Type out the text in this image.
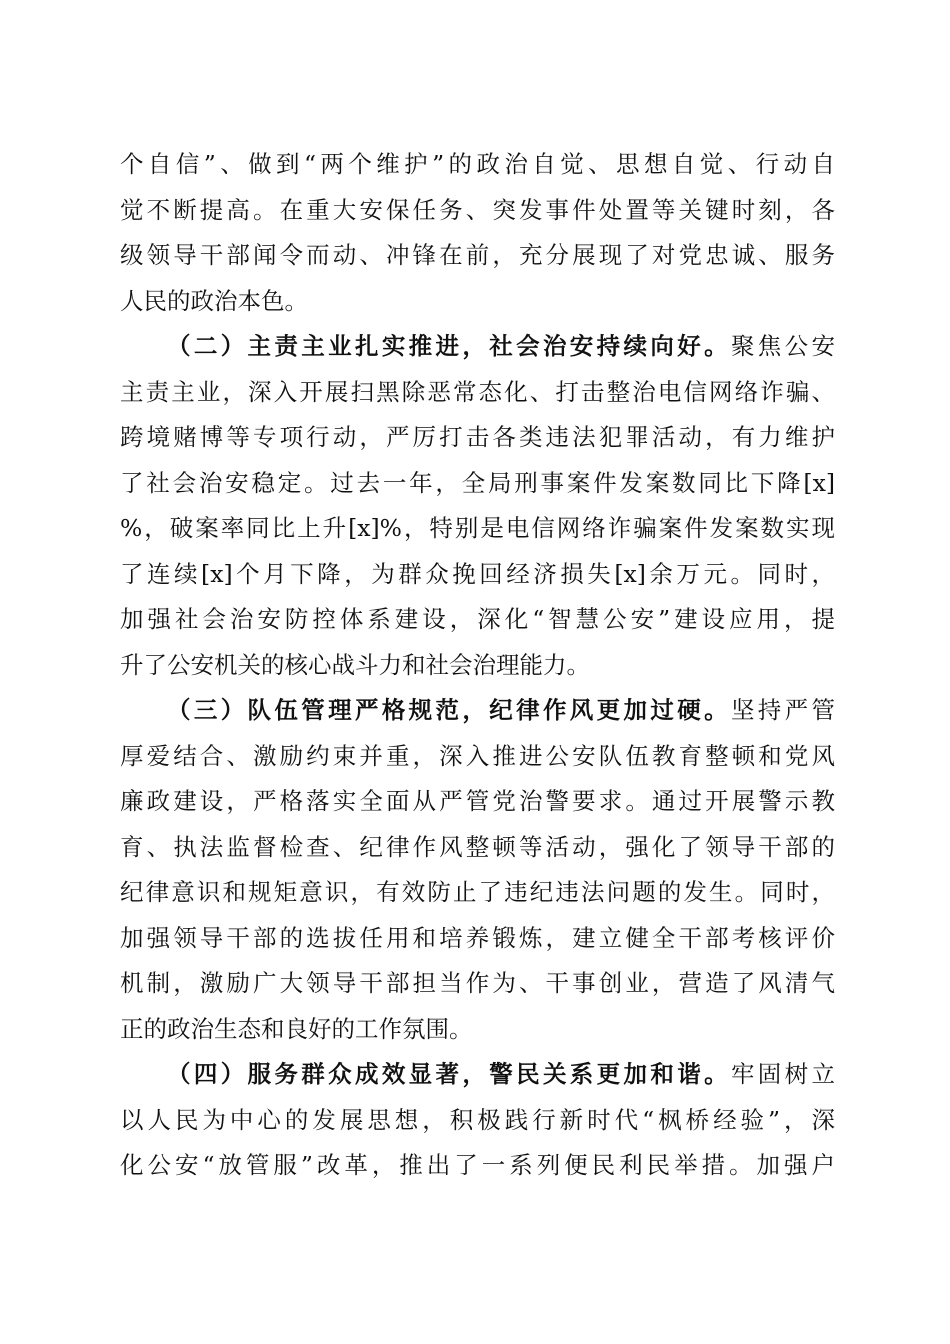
个自信”、做到“两个维护”的政治自觉、思想自觉、行动自
觉不断提高。在重大安保任务、突发事件处置等关键时刻，各
级领导干部闻令而动、冲锋在前，充分展现了对党忠诚、服务
人民的政治本色。
（二）主责主业扎实推进，社会治安持续向好。聚焦公安
主责主业，深入开展扫黑除恶常态化、打击整治电信网络诈骗、
跨境赌博等专项行动，严厉打击各类违法犯罪活动，有力维护
了社会治安稳定。过去一年，全局刑事案件发案数同比下降[x]
%，破案率同比上升[x]%，特别是电信网络诈骗案件发案数实现
了连续[x]个月下降，为群众挽回经济损失[x]余万元。同时，
加强社会治安防控体系建设，深化“智慧公安”建设应用，提
升了公安机关的核心战斗力和社会治理能力。
（三）队伍管理严格规范，纪律作风更加过硬。坚持严管
厚爱结合、激励约束并重，深入推进公安队伍教育整顿和党风
廉政建设，严格落实全面从严管党治警要求。通过开展警示教
育、执法监督检查、纪律作风整顿等活动，强化了领导干部的
纪律意识和规矩意识，有效防止了违纪违法问题的发生。同时，
加强领导干部的选拔任用和培养锻炼，建立健全干部考核评价
机制，激励广大领导干部担当作为、干事创业，营造了风清气
正的政治生态和良好的工作氛围。
（四）服务群众成效显著，警民关系更加和谐。牢固树立
以人民为中心的发展思想，积极践行新时代“枫桥经验”，深
化公安“放管服”改革，推出了一系列便民利民举措。加强户
